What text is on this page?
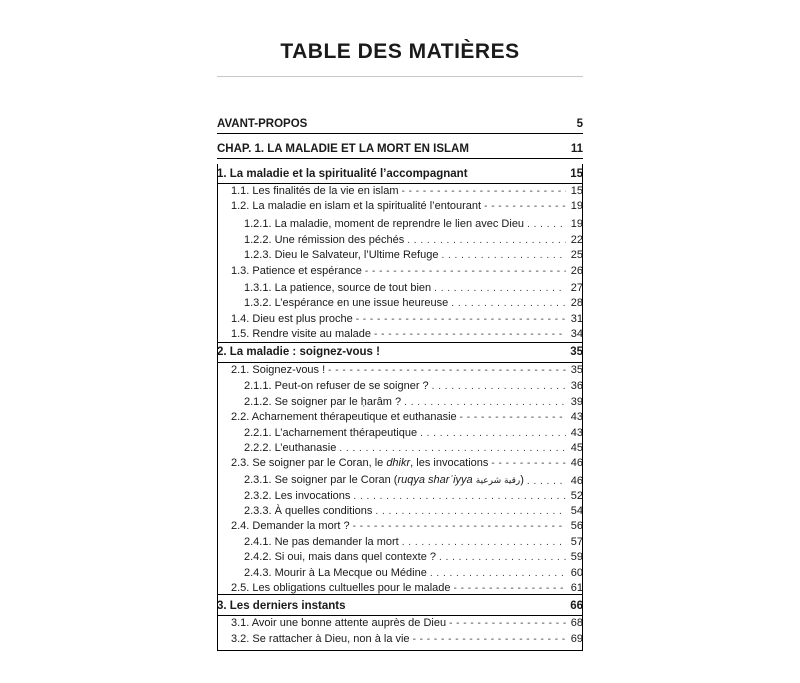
TABLE DES MATIÈRES
AVANT-PROPOS	5
CHAP. 1. LA MALADIE ET LA MORT EN ISLAM	11
1. La maladie et la spiritualité l’accompagnant	15
1.1. Les finalités de la vie en islam - - -	15
1.2. La maladie en islam et la spiritualité l’entourant - - -	19
1.2.1. La maladie, moment de reprendre le lien avec Dieu . . .	19
1.2.2. Une rémission des péchés . . .	22
1.2.3. Dieu le Salvateur, l’Ultime Refuge . . .	25
1.3. Patience et espérance - - -	26
1.3.1. La patience, source de tout bien . . .	27
1.3.2. L’espérance en une issue heureuse . . .	28
1.4. Dieu est plus proche - - -	31
1.5. Rendre visite au malade - - -	34
2. La maladie : soignez-vous !	35
2.1. Soignez-vous ! - - -	35
2.1.1. Peut-on refuser de se soigner ? . . .	36
2.1.2. Se soigner par le ḥarâm ? . . .	39
2.2. Acharnement thérapeutique et euthanasie - - -	43
2.2.1. L’acharnement thérapeutique . . .	43
2.2.2. L’euthanasie . . .	45
2.3. Se soigner par le Coran, le dhikr, les invocations - - -	46
2.3.1. Se soigner par le Coran (ruqya sharʿiyya رقية شرعية) . . .	46
2.3.2. Les invocations . . .	52
2.3.3. À quelles conditions . . .	54
2.4. Demander la mort ? - - -	56
2.4.1. Ne pas demander la mort . . .	57
2.4.2. Si oui, mais dans quel contexte ? . . .	59
2.4.3. Mourir à La Mecque ou Médine . . .	60
2.5. Les obligations cultuelles pour le malade - - -	61
3. Les derniers instants	66
3.1. Avoir une bonne attente auprès de Dieu - - -	68
3.2. Se rattacher à Dieu, non à la vie - - -	69
